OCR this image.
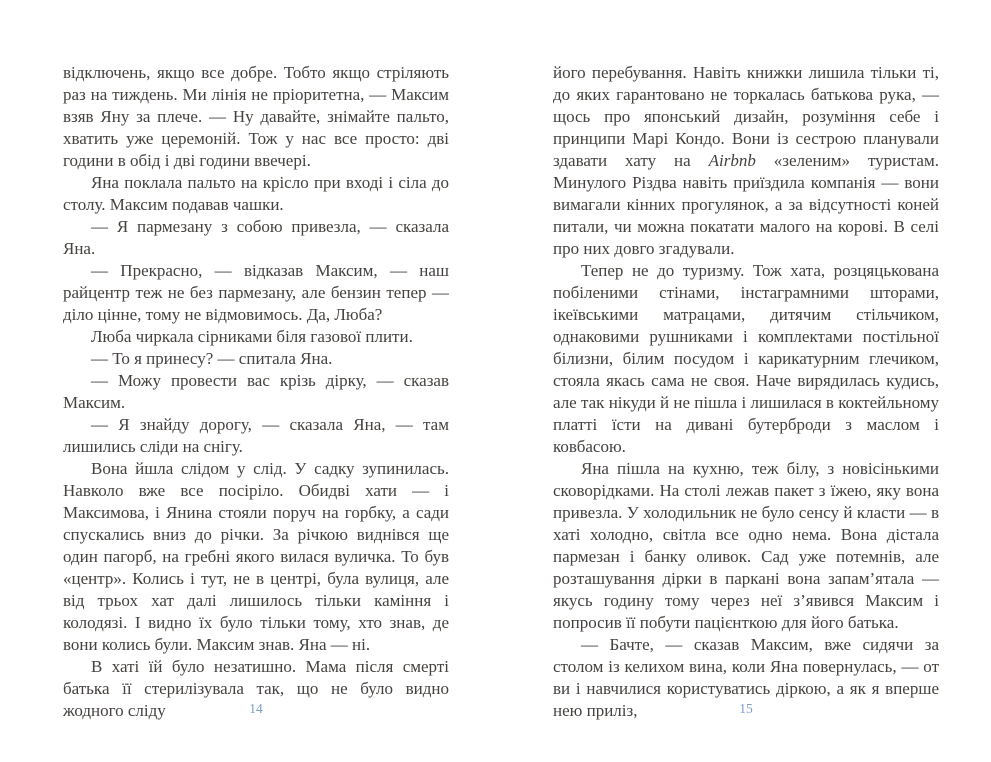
відключень, якщо все добре. Тобто якщо стріляють раз на тиждень. Ми лінія не пріоритетна, — Максим взяв Яну за плече. — Ну давайте, знімайте пальто, хватить уже церемоній. Тож у нас все просто: дві години в обід і дві години ввечері.

Яна поклала пальто на крісло при вході і сіла до столу. Максим подавав чашки.

— Я пармезану з собою привезла, — сказала Яна.

— Прекрасно, — відказав Максим, — наш райцентр теж не без пармезану, але бензин тепер — діло цінне, тому не відмовимось. Да, Люба?

Люба чиркала сірниками біля газової плити.

— То я принесу? — спитала Яна.

— Можу провести вас крізь дірку, — сказав Максим.

— Я знайду дорогу, — сказала Яна, — там лишились сліди на снігу.

Вона йшла слідом у слід. У садку зупинилась. Навколо вже все посіріло. Обидві хати — і Максимова, і Янина стояли поруч на горбку, а сади спускались вниз до річки. За річкою виднівся ще один пагорб, на гребні якого вилася вуличка. То був «центр». Колись і тут, не в центрі, була вулиця, але від трьох хат далі лишилось тільки каміння і колодязі. І видно їх було тільки тому, хто знав, де вони колись були. Максим знав. Яна — ні.

В хаті їй було незатишно. Мама після смерті батька її стерилізувала так, що не було видно жодного сліду

його перебування. Навіть книжки лишила тільки ті, до яких гарантовано не торкалась батькова рука, — щось про японський дизайн, розуміння себе і принципи Марі Кондо. Вони із сестрою планували здавати хату на Airbnb «зеленим» туристам. Минулого Різдва навіть приїздила компанія — вони вимагали кінних прогулянок, а за відсутності коней питали, чи можна покатати малого на корові. В селі про них довго згадували.

Тепер не до туризму. Тож хата, розцяцькована побіленими стінами, інстаграмними шторами, ікеївськими матрацами, дитячим стільчиком, однаковими рушниками і комплектами постільної білизни, білим посудом і карикатурним глечиком, стояла якась сама не своя. Наче вирядилась кудись, але так нікуди й не пішла і лишилася в коктейльному платті їсти на дивані бутерброди з маслом і ковбасою.

Яна пішла на кухню, теж білу, з новісінькими сковорідками. На столі лежав пакет з їжею, яку вона привезла. У холодильник не було сенсу й класти — в хаті холодно, світла все одно нема. Вона дістала пармезан і банку оливок. Сад уже потемнів, але розташування дірки в паркані вона запам’ятала — якусь годину тому через неї з’явився Максим і попросив її побути пацієнткою для його батька.

— Бачте, — сказав Максим, вже сидячи за столом із келихом вина, коли Яна повернулась, — от ви і навчилися користуватись діркою, а як я вперше нею приліз,

14	15
